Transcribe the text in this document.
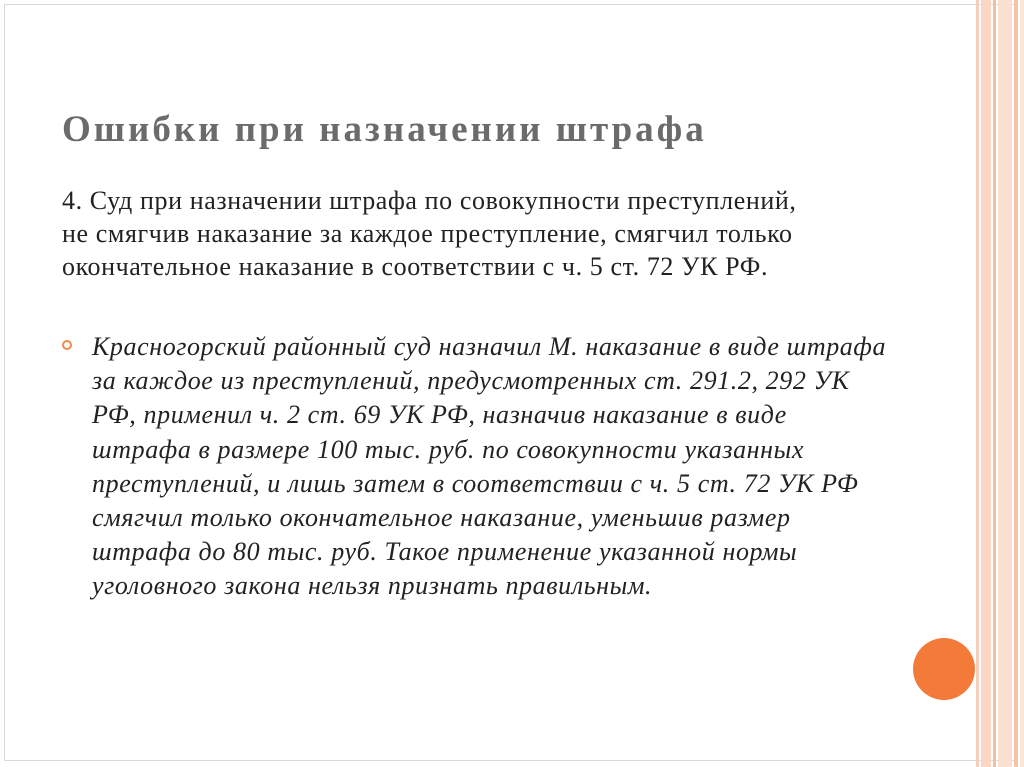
Ошибки при назначении штрафа
4. Суд при назначении штрафа по совокупности преступлений, не смягчив наказание за каждое преступление, смягчил только окончательное наказание в соответствии с ч. 5 ст. 72 УК РФ.

Красногорский районный суд назначил М. наказание в виде штрафа за каждое из преступлений, предусмотренных ст. 291.2, 292 УК РФ, применил ч. 2 ст. 69 УК РФ, назначив наказание в виде штрафа в размере 100 тыс. руб. по совокупности указанных преступлений, и лишь затем в соответствии с ч. 5 ст. 72 УК РФ смягчил только окончательное наказание, уменьшив размер штрафа до 80 тыс. руб. Такое применение указанной нормы уголовного закона нельзя признать правильным.
